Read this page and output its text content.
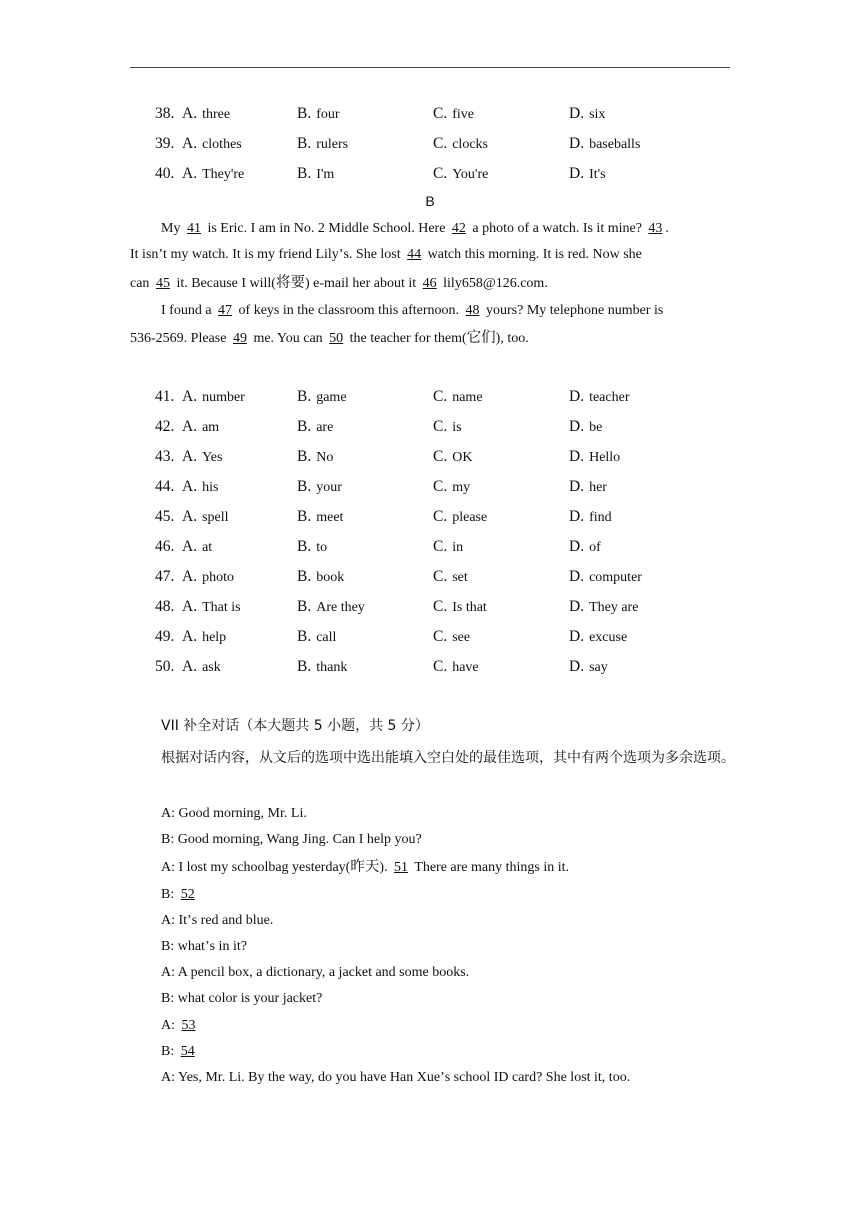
38. A. three	B. four	C. five	D. six
39. A. clothes	B. rulers	C. clocks	D. baseballs
40. A. They're	B. I'm	C. You're	D. It's
B
My 41 is Eric. I am in No. 2 Middle School. Here 42 a photo of a watch. Is it mine? 43 .
It isnʼt my watch. It is my friend Lilyʼs. She lost 44 watch this morning. It is red. Now she
can 45 it. Because I will(将要) e-mail her about it 46 lily658@126.com.
I found a 47 of keys in the classroom this afternoon. 48 yours? My telephone number is
536-2569. Please 49 me. You can 50 the teacher for them(它们), too.
41. A. number	B. game	C. name	D. teacher
42. A. am	B. are	C. is	D. be
43. A. Yes	B. No	C. OK	D. Hello
44. A. his	B. your	C. my	D. her
45. A. spell	B. meet	C. please	D. find
46. A. at	B. to	C. in	D. of
47. A. photo	B. book	C. set	D. computer
48. A. That is	B. Are they	C. Is that	D. They are
49. A. help	B. call	C. see	D. excuse
50. A. ask	B. thank	C. have	D. say
VII 补全对话（本大题共 5 小题，共 5 分）
根据对话内容，从文后的选项中选出能填入空白处的最佳选项，其中有两个选项为多余选项。
A: Good morning, Mr. Li.
B: Good morning, Wang Jing. Can I help you?
A: I lost my schoolbag yesterday(昨天). 51 There are many things in it.
B: 52
A: Itʼs red and blue.
B: whatʼs in it?
A: A pencil box, a dictionary, a jacket and some books.
B: what color is your jacket?
A: 53
B: 54
A: Yes, Mr. Li. By the way, do you have Han Xueʼs school ID card? She lost it, too.
